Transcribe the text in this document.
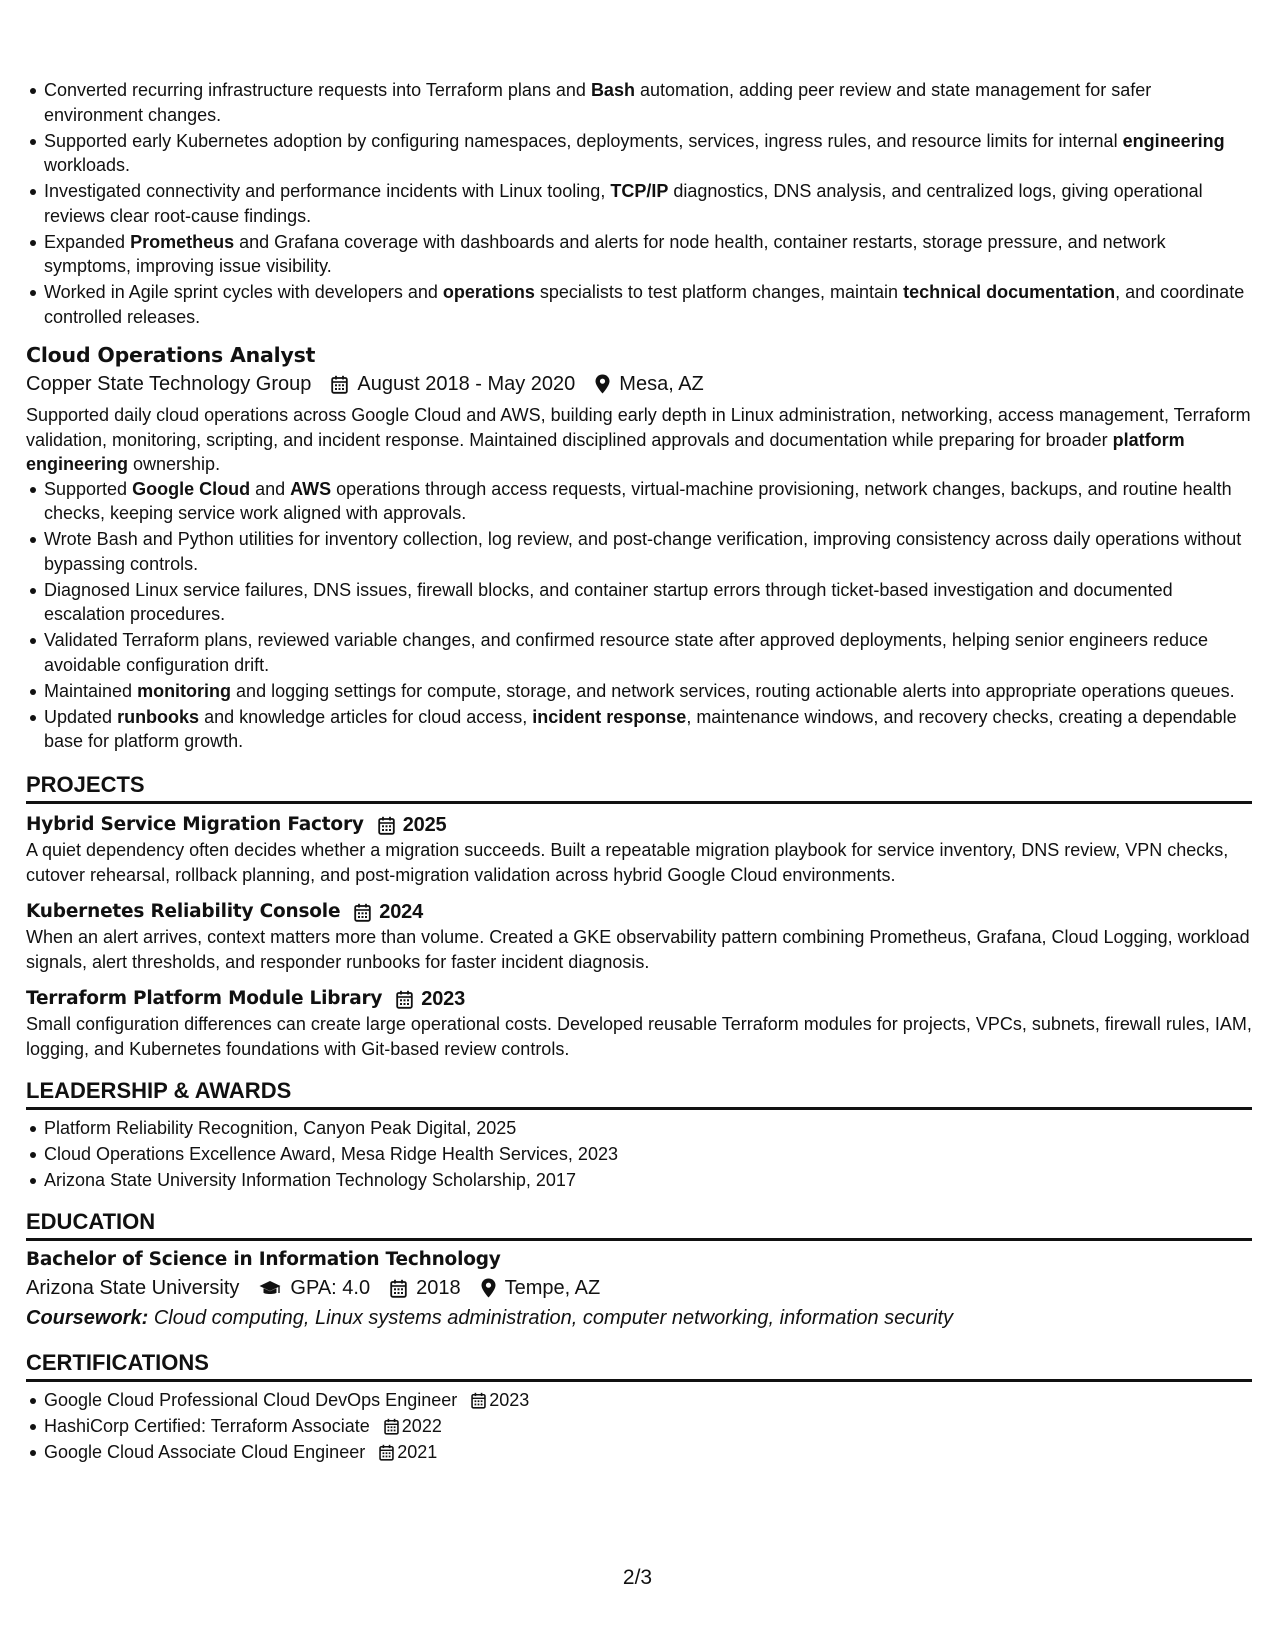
Converted recurring infrastructure requests into Terraform plans and Bash automation, adding peer review and state management for safer environment changes.
Supported early Kubernetes adoption by configuring namespaces, deployments, services, ingress rules, and resource limits for internal engineering workloads.
Investigated connectivity and performance incidents with Linux tooling, TCP/IP diagnostics, DNS analysis, and centralized logs, giving operational reviews clear root-cause findings.
Expanded Prometheus and Grafana coverage with dashboards and alerts for node health, container restarts, storage pressure, and network symptoms, improving issue visibility.
Worked in Agile sprint cycles with developers and operations specialists to test platform changes, maintain technical documentation, and coordinate controlled releases.
Cloud Operations Analyst
Copper State Technology Group August 2018 - May 2020 Mesa, AZ
Supported daily cloud operations across Google Cloud and AWS, building early depth in Linux administration, networking, access management, Terraform validation, monitoring, scripting, and incident response. Maintained disciplined approvals and documentation while preparing for broader platform engineering ownership.
Supported Google Cloud and AWS operations through access requests, virtual-machine provisioning, network changes, backups, and routine health checks, keeping service work aligned with approvals.
Wrote Bash and Python utilities for inventory collection, log review, and post-change verification, improving consistency across daily operations without bypassing controls.
Diagnosed Linux service failures, DNS issues, firewall blocks, and container startup errors through ticket-based investigation and documented escalation procedures.
Validated Terraform plans, reviewed variable changes, and confirmed resource state after approved deployments, helping senior engineers reduce avoidable configuration drift.
Maintained monitoring and logging settings for compute, storage, and network services, routing actionable alerts into appropriate operations queues.
Updated runbooks and knowledge articles for cloud access, incident response, maintenance windows, and recovery checks, creating a dependable base for platform growth.
PROJECTS
Hybrid Service Migration Factory 2025
A quiet dependency often decides whether a migration succeeds. Built a repeatable migration playbook for service inventory, DNS review, VPN checks, cutover rehearsal, rollback planning, and post-migration validation across hybrid Google Cloud environments.
Kubernetes Reliability Console 2024
When an alert arrives, context matters more than volume. Created a GKE observability pattern combining Prometheus, Grafana, Cloud Logging, workload signals, alert thresholds, and responder runbooks for faster incident diagnosis.
Terraform Platform Module Library 2023
Small configuration differences can create large operational costs. Developed reusable Terraform modules for projects, VPCs, subnets, firewall rules, IAM, logging, and Kubernetes foundations with Git-based review controls.
LEADERSHIP & AWARDS
Platform Reliability Recognition, Canyon Peak Digital, 2025
Cloud Operations Excellence Award, Mesa Ridge Health Services, 2023
Arizona State University Information Technology Scholarship, 2017
EDUCATION
Bachelor of Science in Information Technology
Arizona State University	GPA: 4.0 2018 Tempe, AZ
Coursework: Cloud computing, Linux systems administration, computer networking, information security
CERTIFICATIONS
Google Cloud Professional Cloud DevOps Engineer 2023
HashiCorp Certified: Terraform Associate 2022
Google Cloud Associate Cloud Engineer 2021
2/3
